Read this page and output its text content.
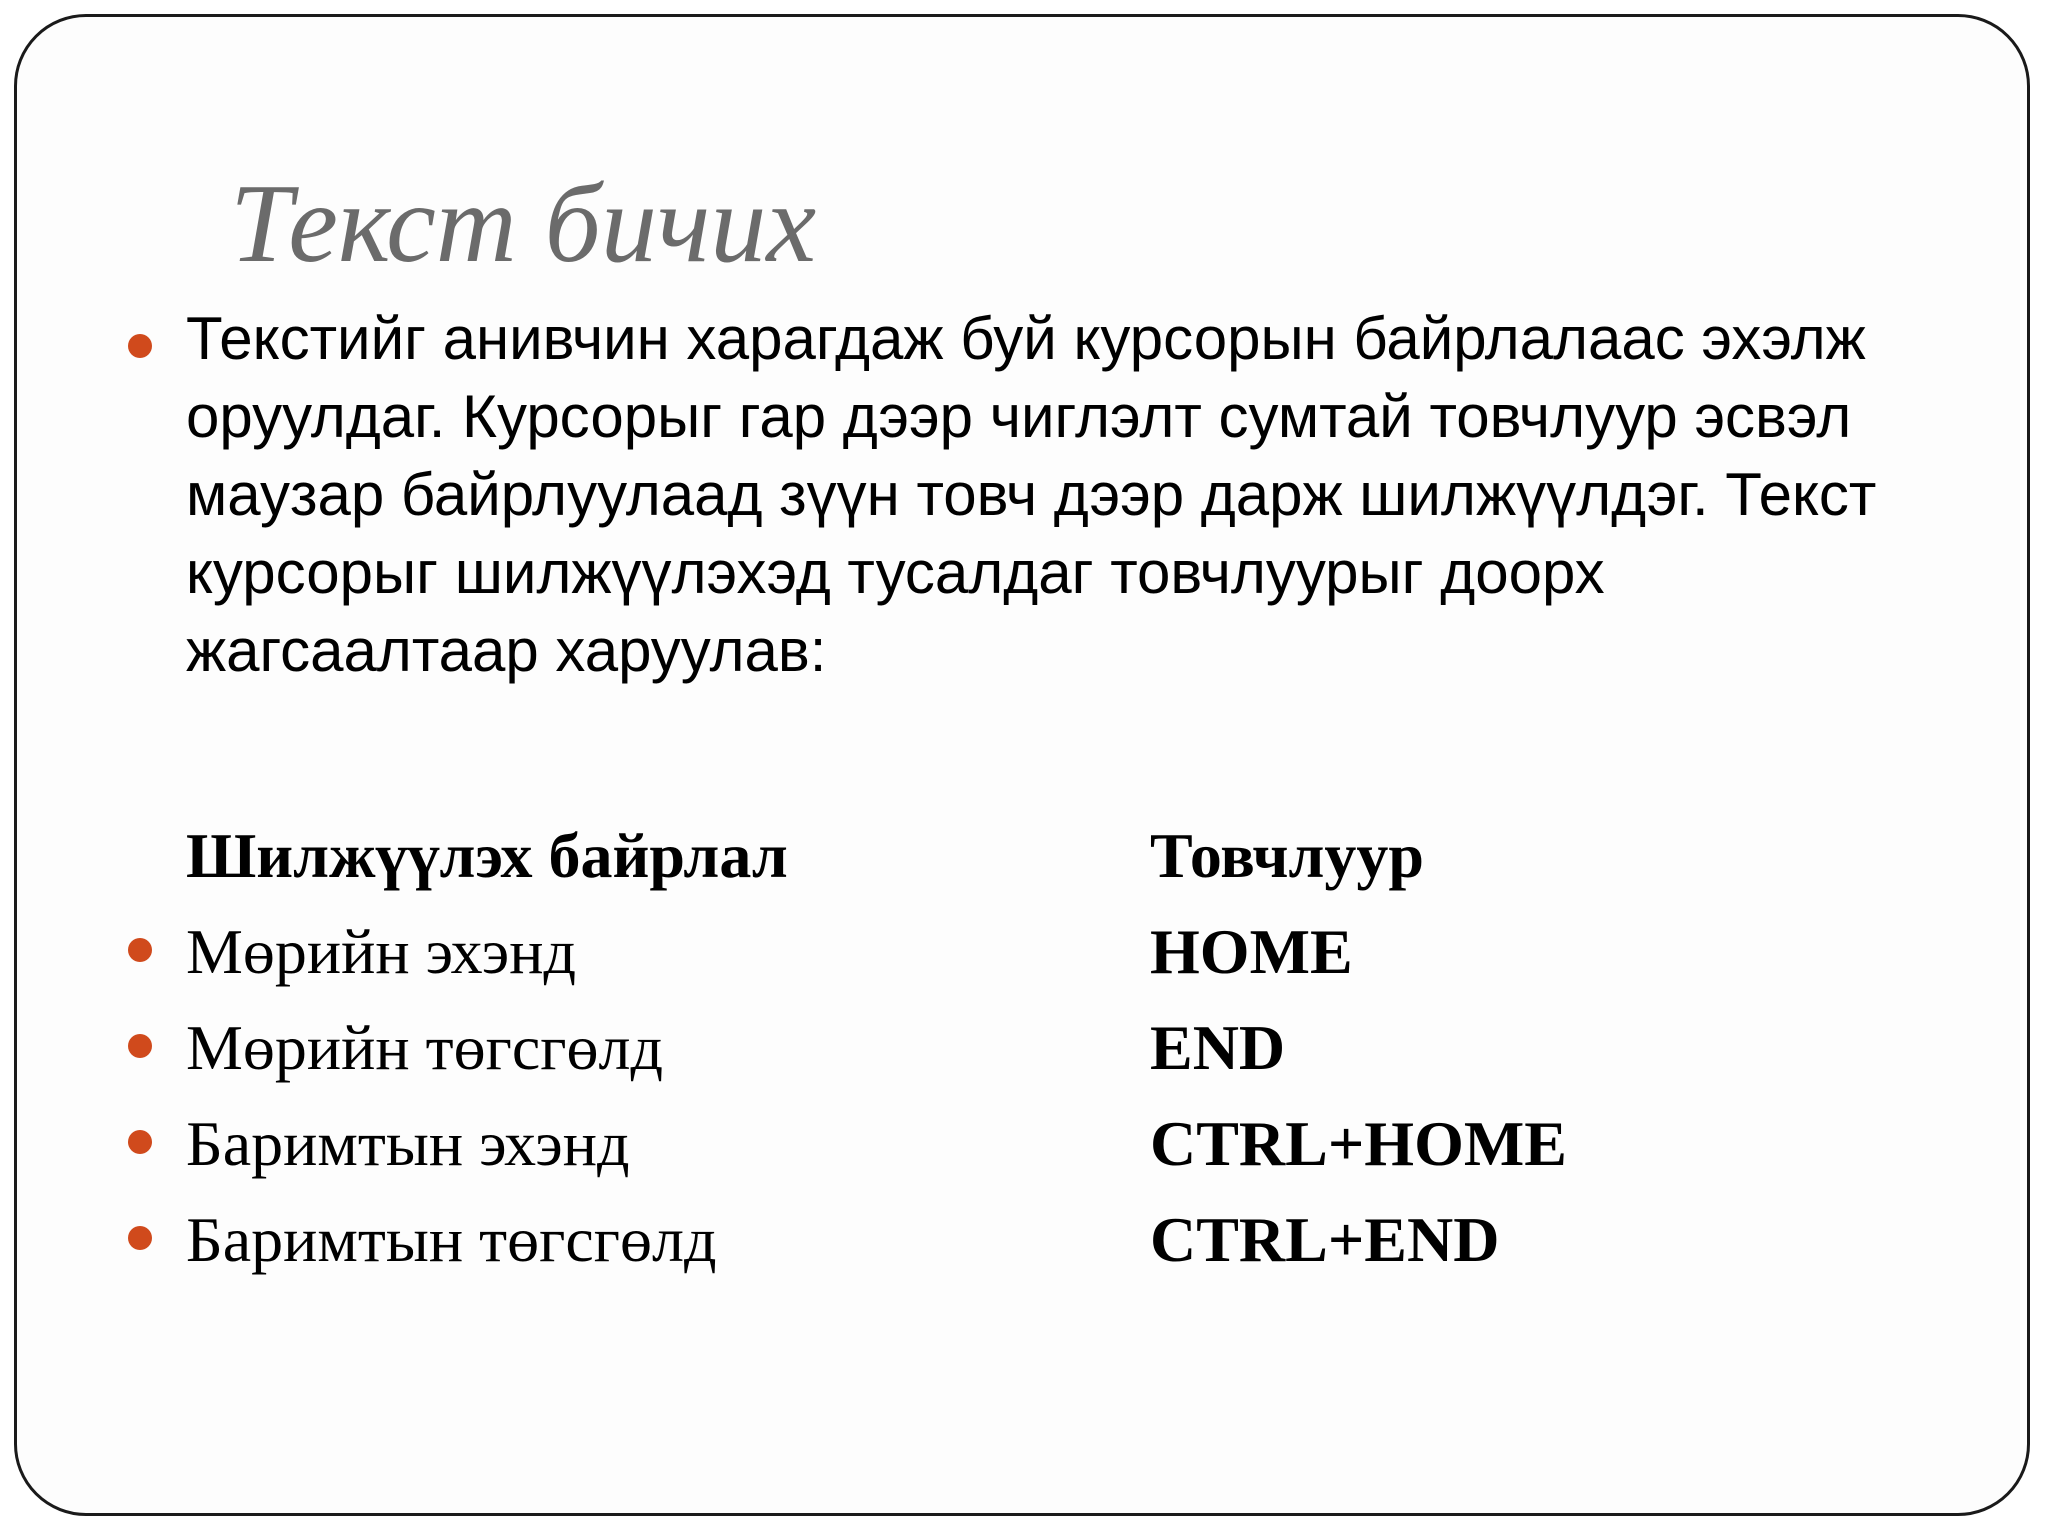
Текст бичих

Текстийг анивчин харагдаж буй курсорын байрлалаас эхэлж оруулдаг. Курсорыг гар дээр чиглэлт сумтай товчлуур эсвэл маузар байрлуулаад зүүн товч дээр дарж шилжүүлдэг. Текст курсорыг шилжүүлэхэд тусалдаг товчлуурыг доорх жагсаалтаар харуулав:

Шилжүүлэх байрлал	Товчлуур
Мөрийн эхэнд	HOME
Мөрийн төгсгөлд	END
Баримтын эхэнд	CTRL+HOME
Баримтын төгсгөлд	CTRL+END
